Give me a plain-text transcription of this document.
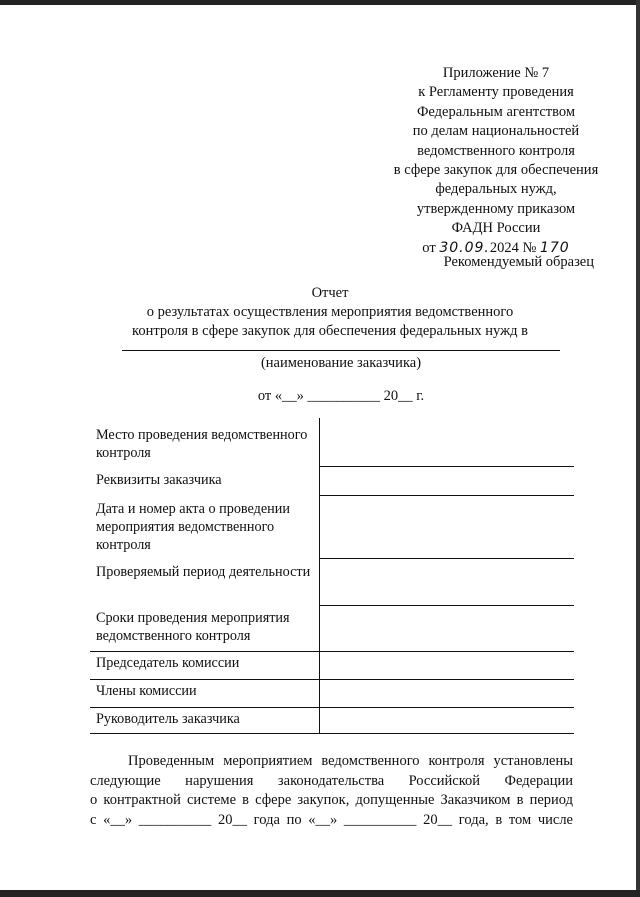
Приложение № 7
к Регламенту проведения
Федеральным агентством
по делам национальностей
ведомственного контроля
в сфере закупок для обеспечения
федеральных нужд,
утвержденному приказом
ФАДН России
от 30.09.2024 № 170
Рекомендуемый образец
Отчет
о результатах осуществления мероприятия ведомственного
контроля в сфере закупок для обеспечения федеральных нужд в
(наименование заказчика)
от «__» __________ 20__ г.
Место проведения ведомственного контроля
Реквизиты заказчика
Дата и номер акта о проведении мероприятия ведомственного контроля
Проверяемый период деятельности
Сроки проведения мероприятия ведомственного контроля
Председатель комиссии
Члены комиссии
Руководитель заказчика
Проведенным мероприятием ведомственного контроля установлены
следующие нарушения законодательства Российской Федерации
о контрактной системе в сфере закупок, допущенные Заказчиком в период
с «__» __________ 20__ года по «__» __________ 20__ года, в том числе
